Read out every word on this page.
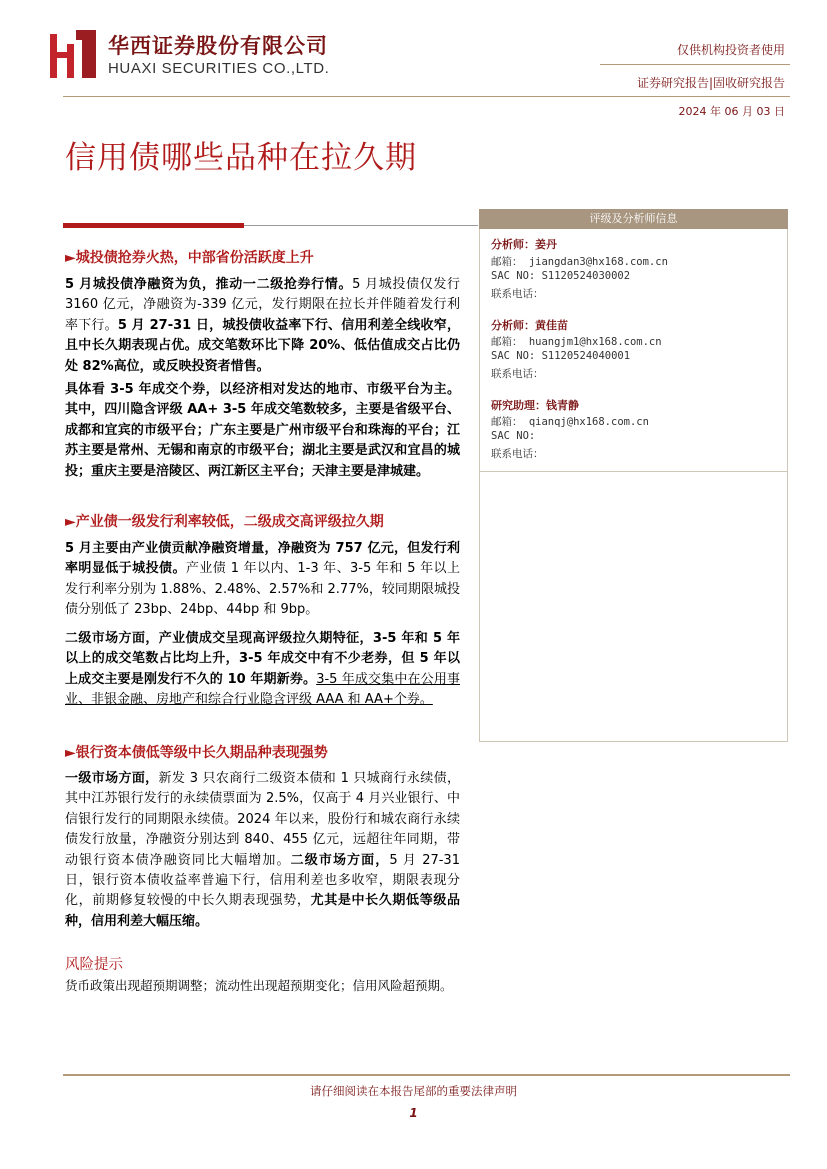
华西证券股份有限公司
HUAXI SECURITIES CO.,LTD.
仅供机构投资者使用
证券研究报告|固收研究报告
2024 年 06 月 03 日
信用债哪些品种在拉久期
评级及分析师信息
分析师：姜丹
邮箱： jiangdan3@hx168.com.cn
SAC NO: S1120524030002
联系电话：
分析师：黄佳苗
邮箱： huangjm1@hx168.com.cn
SAC NO: S1120524040001
联系电话：
研究助理：钱青静
邮箱： qianqj@hx168.com.cn
SAC NO:
联系电话：
►城投债抢券火热，中部省份活跃度上升

5 月城投债净融资为负，推动一二级抢券行情。5 月城投债仅发行 3160 亿元，净融资为-339 亿元，发行期限在拉长并伴随着发行利率下行。5 月 27-31 日，城投债收益率下行、信用利差全线收窄，且中长久期表现占优。成交笔数环比下降 20%、低估值成交占比仍处 82%高位，或反映投资者惜售。

具体看 3-5 年成交个券，以经济相对发达的地市、市级平台为主。其中，四川隐含评级 AA+ 3-5 年成交笔数较多，主要是省级平台、成都和宜宾的市级平台；广东主要是广州市级平台和珠海的平台；江苏主要是常州、无锡和南京的市级平台；湖北主要是武汉和宜昌的城投；重庆主要是涪陵区、两江新区主平台；天津主要是津城建。

►产业债一级发行利率较低，二级成交高评级拉久期

5 月主要由产业债贡献净融资增量，净融资为 757 亿元，但发行利率明显低于城投债。产业债 1 年以内、1-3 年、3-5 年和 5 年以上发行利率分别为 1.88%、2.48%、2.57%和 2.77%，较同期限城投债分别低了 23bp、24bp、44bp 和 9bp。

二级市场方面，产业债成交呈现高评级拉久期特征，3-5 年和 5 年以上的成交笔数占比均上升，3-5 年成交中有不少老券，但 5 年以上成交主要是刚发行不久的 10 年期新券。3-5 年成交集中在公用事业、非银金融、房地产和综合行业隐含评级 AAA 和 AA+个券。

►银行资本债低等级中长久期品种表现强势

一级市场方面，新发 3 只农商行二级资本债和 1 只城商行永续债，其中江苏银行发行的永续债票面为 2.5%，仅高于 4 月兴业银行、中信银行发行的同期限永续债。2024 年以来，股份行和城农商行永续债发行放量，净融资分别达到 840、455 亿元，远超往年同期，带动银行资本债净融资同比大幅增加。二级市场方面，5 月 27-31 日，银行资本债收益率普遍下行，信用利差也多收窄，期限表现分化，前期修复较慢的中长久期表现强势，尤其是中长久期低等级品种，信用利差大幅压缩。

风险提示
货币政策出现超预期调整；流动性出现超预期变化；信用风险超预期。
请仔细阅读在本报告尾部的重要法律声明
1
